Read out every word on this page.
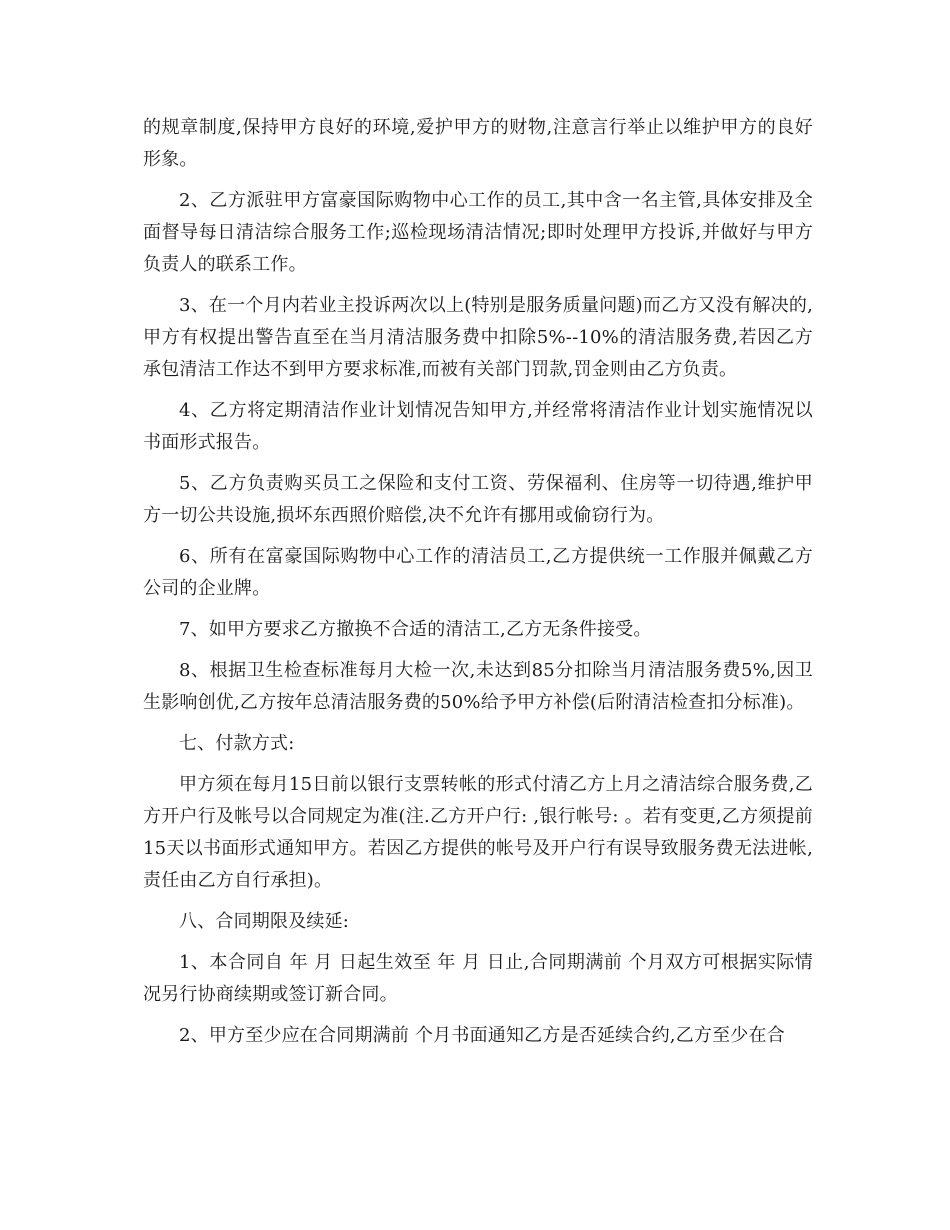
的规章制度,保持甲方良好的环境,爱护甲方的财物,注意言行举止以维护甲方的良好形象。

2、乙方派驻甲方富豪国际购物中心工作的员工,其中含一名主管,具体安排及全面督导每日清洁综合服务工作;巡检现场清洁情况;即时处理甲方投诉,并做好与甲方负责人的联系工作。

3、在一个月内若业主投诉两次以上(特别是服务质量问题)而乙方又没有解决的,甲方有权提出警告直至在当月清洁服务费中扣除5%--10%的清洁服务费,若因乙方承包清洁工作达不到甲方要求标准,而被有关部门罚款,罚金则由乙方负责。

4、乙方将定期清洁作业计划情况告知甲方,并经常将清洁作业计划实施情况以书面形式报告。

5、乙方负责购买员工之保险和支付工资、劳保福利、住房等一切待遇,维护甲方一切公共设施,损坏东西照价赔偿,决不允许有挪用或偷窃行为。

6、所有在富豪国际购物中心工作的清洁员工,乙方提供统一工作服并佩戴乙方公司的企业牌。

7、如甲方要求乙方撤换不合适的清洁工,乙方无条件接受。

8、根据卫生检查标准每月大检一次,未达到85分扣除当月清洁服务费5%,因卫生影响创优,乙方按年总清洁服务费的50%给予甲方补偿(后附清洁检查扣分标准)。

七、付款方式:

甲方须在每月15日前以银行支票转帐的形式付清乙方上月之清洁综合服务费,乙方开户行及帐号以合同规定为准(注.乙方开户行: ,银行帐号: 。若有变更,乙方须提前15天以书面形式通知甲方。若因乙方提供的帐号及开户行有误导致服务费无法进帐,责任由乙方自行承担)。

八、合同期限及续延:

1、本合同自 年 月 日起生效至 年 月 日止,合同期满前 个月双方可根据实际情况另行协商续期或签订新合同。

2、甲方至少应在合同期满前 个月书面通知乙方是否延续合约,乙方至少在合
